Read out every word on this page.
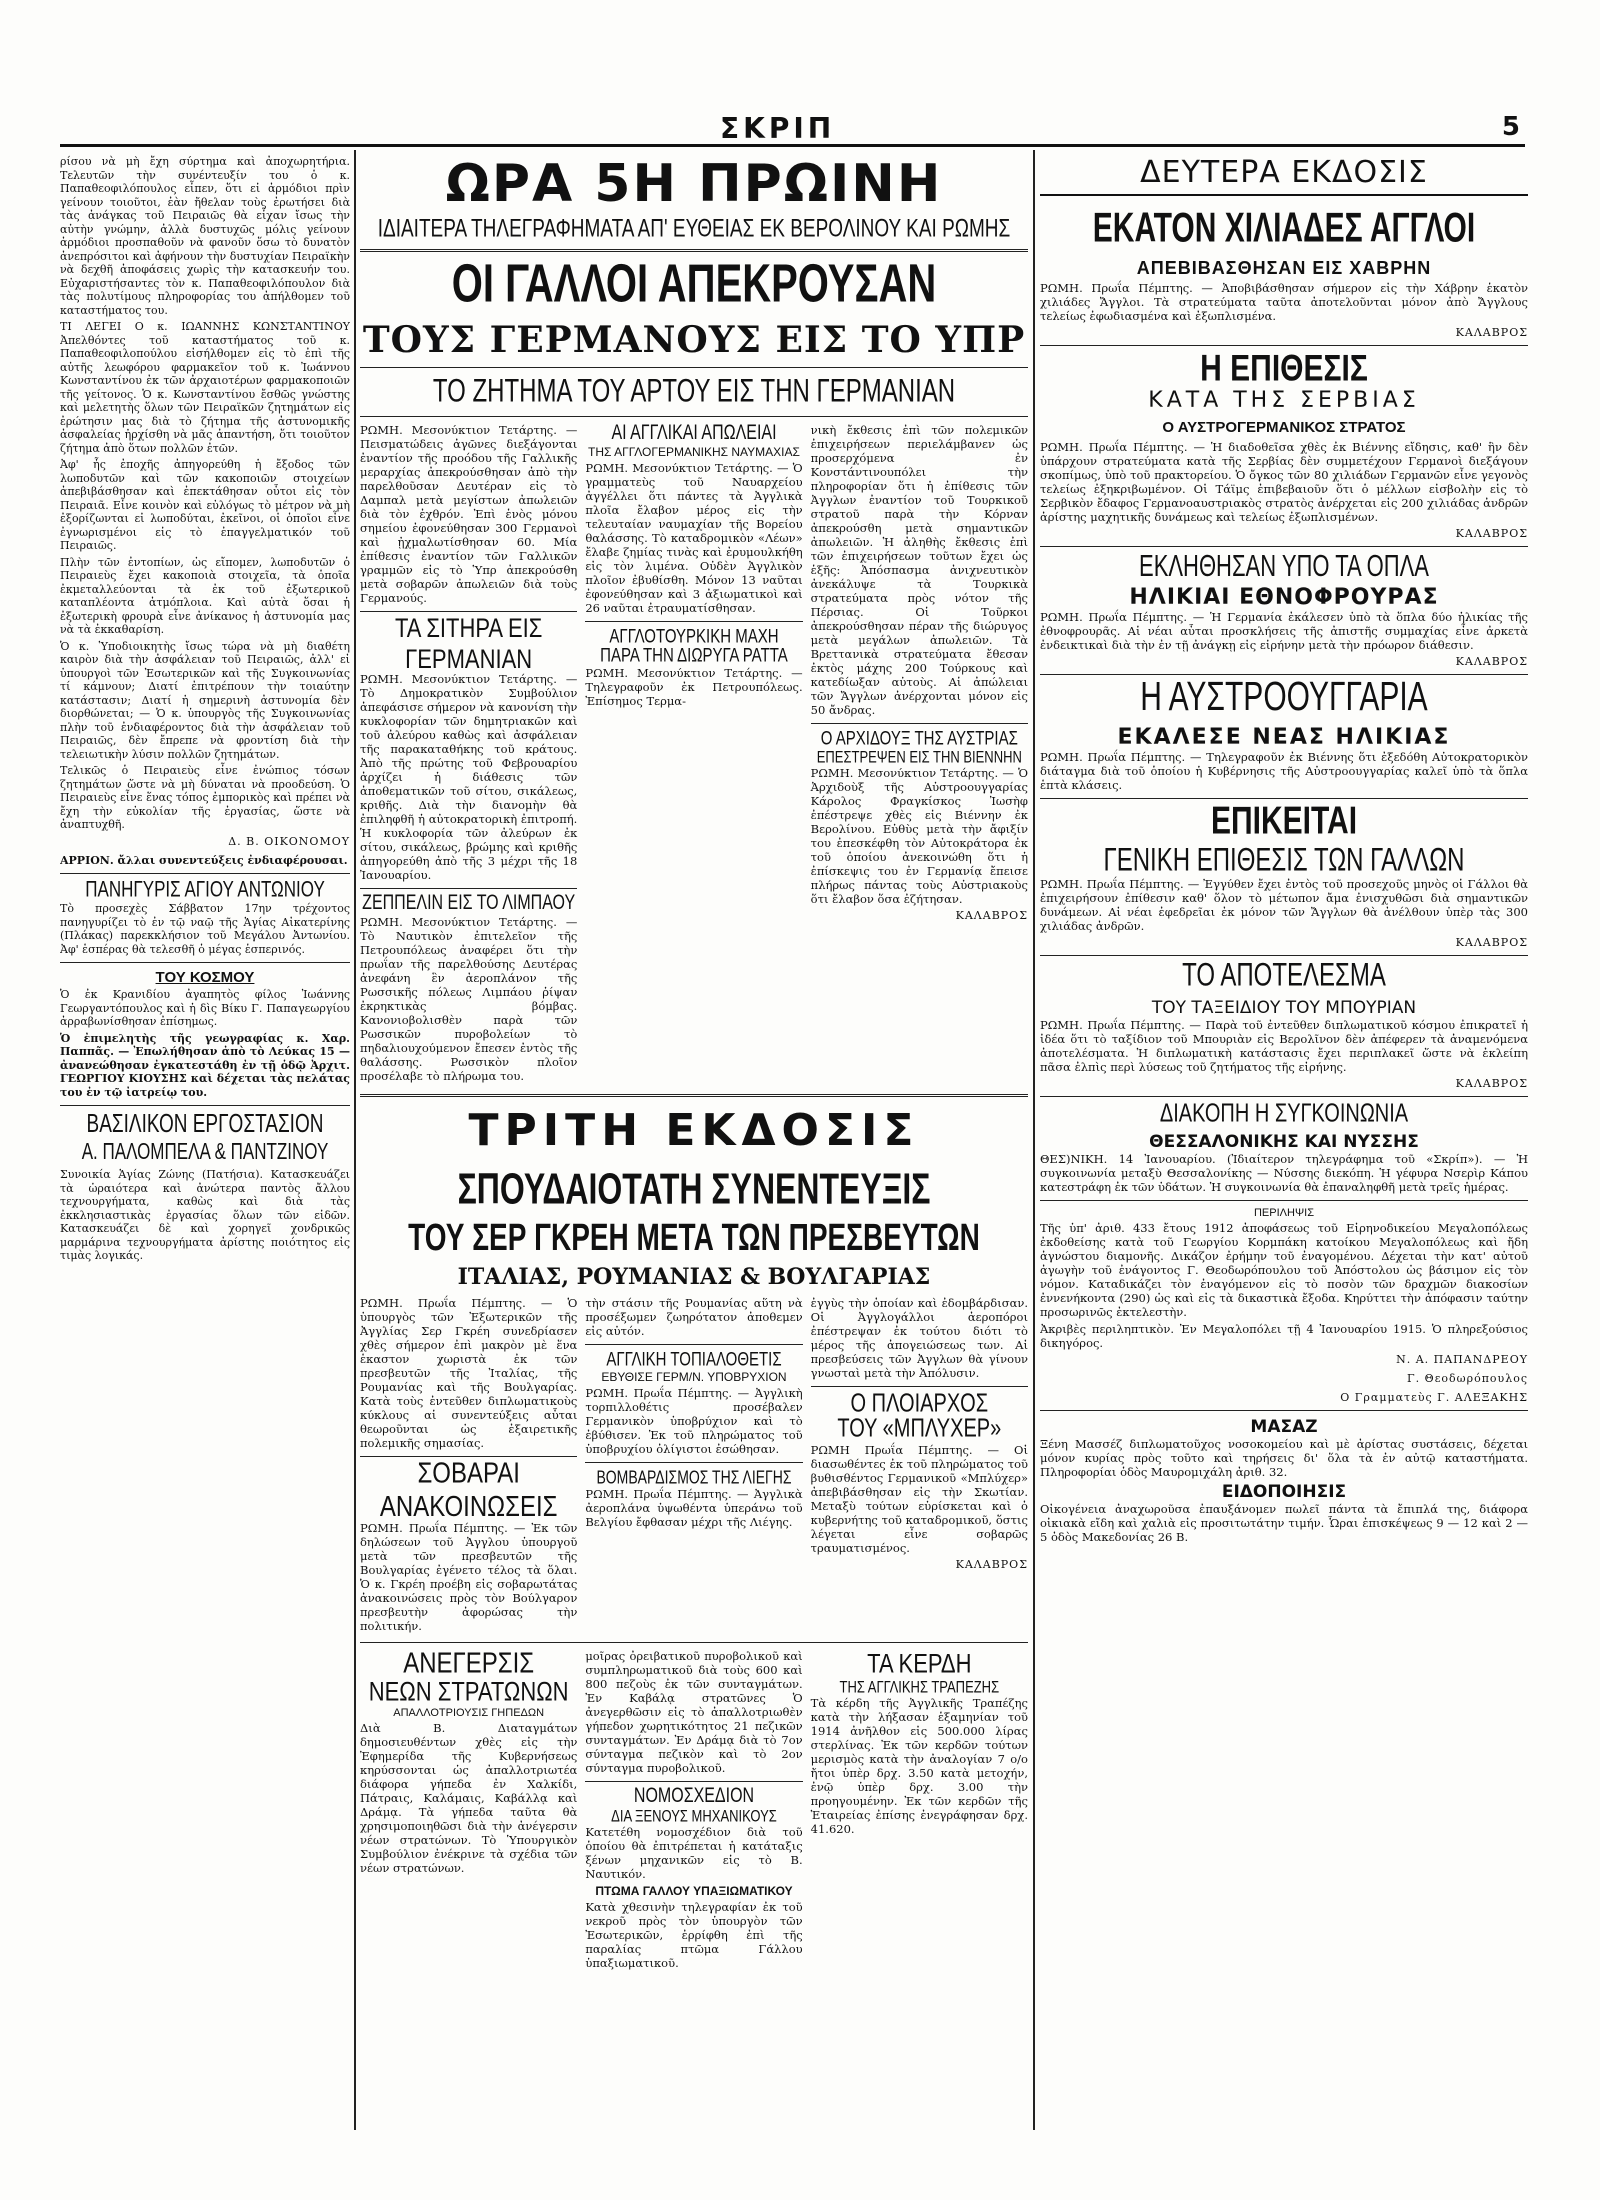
ΣΚΡΙΠ	5

ρίσου νὰ μὴ ἔχη σύρτημα καὶ ἀποχωρητήρια. Τελευτῶν τὴν συνέντευξίν του ὁ κ. Παπαθεοφιλόπουλος εἶπεν, ὅτι εἰ ἀρμόδιοι πρὶν γείνουν τοιοῦτοι, ἐὰν ἤθελαν τοὺς ἐρωτήσει διὰ τὰς ἀνάγκας τοῦ Πειραιῶς θὰ εἶχαν ἴσως τὴν αὐτὴν γνώμην, ἀλλὰ δυστυχῶς μόλις γείνουν ἀρμόδιοι προσπαθοῦν νὰ φανοῦν ὅσω τὸ δυνατὸν ἀνεπρόσιτοι καὶ ἀφήνουν τὴν δυστυχίαν Πειραϊκὴν νὰ δεχθῆ ἀποφάσεις χωρὶς τὴν κατασκευήν του. Εὐχαριστήσαντες τὸν κ. Παπαθεοφιλόπουλον διὰ τὰς πολυτίμους πληροφορίας του ἀπήλθομεν τοῦ καταστήματος του.

ΤΙ ΛΕΓΕΙ Ο κ. ΙΩΑΝΝΗΣ ΚΩΝΣΤΑΝΤΙΝΟΥ Ἀπελθόντες τοῦ καταστήματος τοῦ κ. Παπαθεοφιλοπούλου εἰσήλθομεν εἰς τὸ ἐπὶ τῆς αὐτῆς λεωφόρου φαρμακεῖον τοῦ κ. Ἰωάννου Κωνσταντίνου ἐκ τῶν ἀρχαιοτέρων φαρμακοποιῶν τῆς γείτονος. Ὁ κ. Κωνσταντίνου ἔσθῶς γνώστης καὶ μελετητὴς ὅλων τῶν Πειραϊκῶν ζητημάτων εἰς ἐρώτησιν μας διὰ τὸ ζήτημα τῆς ἀστυνομικῆς ἀσφαλείας ἠρχίσθη νὰ μᾶς ἀπαντήση, ὅτι τοιοῦτον ζήτημα ἀπὸ ὅτων πολλῶν ἐτῶν.

Ἀφ' ἧς ἐποχῆς ἀπηγορεύθη ἡ ἔξοδος τῶν λωποδυτῶν καὶ τῶν κακοποιῶν στοιχείων ἀπεβιβάσθησαν καὶ ἐπεκτάθησαν οὗτοι εἰς τὸν Πειραιᾶ. Εἶνε κοινὸν καὶ εὐλόγως τὸ μέτρον νὰ μὴ ἐξορίζωνται εἰ λωποδύται, ἐκεῖνοι, οἱ ὁποῖοι εἶνε ἐγνωρισμένοι εἰς τὸ ἐπαγγελματικόν τοῦ Πειραιῶς.

Πλὴν τῶν ἐντοπίων, ὡς εἴπομεν, λωποδυτῶν ὁ Πειραιεὺς ἔχει κακοποιὰ στοιχεῖα, τὰ ὁποῖα ἐκμεταλλεύονται τὰ ἐκ τοῦ ἐξωτερικοῦ καταπλέοντα ἀτμόπλοια. Καὶ αὐτὰ ὅσαι ἡ ἐξωτερικὴ φρουρὰ εἶνε ἀνίκανος ἡ ἀστυνομία μας νὰ τὰ ἐκκαθαρίση.

Ὁ κ. Ὑποδιοικητὴς ἴσως τώρα νὰ μὴ διαθέτη καιρὸν διὰ τὴν ἀσφάλειαν τοῦ Πειραιῶς, ἀλλ' εἰ ὑπουργοὶ τῶν Ἐσωτερικῶν καὶ τῆς Συγκοινωνίας τί κάμνουν; Διατί ἐπιτρέπουν τὴν τοιαύτην κατάστασιν; Διατί ἡ σημερινὴ ἀστυνομία δὲν διορθώνεται; — Ὁ κ. ὑπουργὸς τῆς Συγκοινωνίας πλὴν τοῦ ἐνδιαφέροντος διὰ τὴν ἀσφάλειαν τοῦ Πειραιῶς, δὲν ἔπρεπε νὰ φροντίση διὰ τὴν τελειωτικὴν λύσιν πολλῶν ζητημάτων.

Τελικῶς ὁ Πειραιεὺς εἶνε ἐνώπιος τόσων ζητημάτων ὥστε νὰ μὴ δύναται νὰ προοδεύση. Ὁ Πειραιεὺς εἶνε ἕνας τόπος ἐμπορικὸς καὶ πρέπει νὰ ἔχη τὴν εὐκολίαν τῆς ἐργασίας, ὥστε νὰ ἀναπτυχθῆ.

Δ. Β. ΟΙΚΟΝΟΜΟΥ

ΑΡΡΙΟΝ. ἄλλαι συνεντεύξεις ἐνδιαφέρουσαι.

ΠΑΝΗΓΥΡΙΣ ΑΓΙΟΥ ΑΝΤΩΝΙΟΥ

Τὸ προσεχὲς Σάββατον 17ην τρέχοντος πανηγυρίζει τὸ ἐν τῷ ναῷ τῆς Ἁγίας Αἰκατερίνης (Πλάκας) παρεκκλήσιον τοῦ Μεγάλου Ἀντωνίου. Ἀφ' ἑσπέρας θὰ τελεσθῆ ὁ μέγας ἑσπερινός.

ΤΟΥ ΚΟΣΜΟΥ

Ὁ ἐκ Κρανιδίου ἀγαπητὸς φίλος Ἰωάννης Γεωργαντόπουλος καὶ ἡ δὶς Βίκυ Γ. Παπαγεωργίου ἀρραβωνίσθησαν ἐπίσημως.

Ὁ ἐπιμελητὴς τῆς γεωγραφίας κ. Χαρ. Παππᾶς. — Ἐπωλήθησαν ἀπὸ τὸ Λεύκας 15 — ἀνανεώθησαν ἐγκατεστάθη ἐν τῇ ὁδῷ Ἀρχιτ. ΓΕΩΡΓΙΟΥ ΚΙΟΥΣΗΣ καὶ δέχεται τὰς πελάτας του ἐν τῷ ἰατρείῳ του.

ΒΑΣΙΛΙΚΟΝ ΕΡΓΟΣΤΑΣΙΟΝ
Α. ΠΑΛΟΜΠΕΛΑ & ΠΑΝΤΖΙΝΟΥ

Συνοικία Ἁγίας Ζώνης (Πατήσια). Κατασκευάζει τὰ ὡραιότερα καὶ ἀνώτερα παντὸς ἄλλου τεχνουργήματα, καθὼς καὶ διὰ τὰς ἐκκλησιαστικὰς ἐργασίας ὅλων τῶν εἰδῶν. Κατασκευάζει δὲ καὶ χορηγεῖ χονδρικῶς μαρμάρινα τεχνουργήματα ἀρίστης ποιότητος εἰς τιμὰς λογικάς.

ΩΡΑ 5Η ΠΡΩΙΝΗ
ΙΔΙΑΙΤΕΡΑ ΤΗΛΕΓΡΑΦΗΜΑΤΑ ΑΠ' ΕΥΘΕΙΑΣ ΕΚ ΒΕΡΟΛΙΝΟΥ ΚΑΙ ΡΩΜΗΣ
ΟΙ ΓΑΛΛΟΙ ΑΠΕΚΡΟΥΣΑΝ
ΤΟΥΣ ΓΕΡΜΑΝΟΥΣ ΕΙΣ ΤΟ ΥΠΡ
ΤΟ ΖΗΤΗΜΑ ΤΟΥ ΑΡΤΟΥ ΕΙΣ ΤΗΝ ΓΕΡΜΑΝΙΑΝ

ΡΩΜΗ. Μεσονύκτιον Τετάρτης. — Πεισματώδεις ἀγῶνες διεξάγονται ἐναντίον τῆς προόδου τῆς Γαλλικῆς μεραρχίας ἀπεκρούσθησαν ἀπὸ τὴν παρελθοῦσαν Δευτέραν εἰς τὸ Δαμπαλ μετὰ μεγίστων ἀπωλειῶν διὰ τὸν ἐχθρόν. Ἐπὶ ἑνὸς μόνου σημείου ἐφονεύθησαν 300 Γερμανοὶ καὶ ᾐχμαλωτίσθησαν 60. Μία ἐπίθεσις ἐναντίον τῶν Γαλλικῶν γραμμῶν εἰς τὸ Ὑπρ ἀπεκρούσθη μετὰ σοβαρῶν ἀπωλειῶν διὰ τοὺς Γερμανούς.

ΤΑ ΣΙΤΗΡΑ ΕΙΣ ΓΕΡΜΑΝΙΑΝ

ΡΩΜΗ. Μεσονύκτιον Τετάρτης. — Τὸ Δημοκρατικὸν Συμβούλιον ἀπεφάσισε σήμερον νὰ κανονίση τὴν κυκλοφορίαν τῶν δημητριακῶν καὶ τοῦ ἀλεύρου καθὼς καὶ ἀσφάλειαν τῆς παρακαταθήκης τοῦ κράτους. Ἀπὸ τῆς πρώτης τοῦ Φεβρουαρίου ἀρχίζει ἡ διάθεσις τῶν ἀποθεματικῶν τοῦ σίτου, σικάλεως, κριθῆς. Διὰ τὴν διανομὴν θὰ ἐπιληφθῆ ἡ αὐτοκρατορικὴ ἐπιτροπή. Ἡ κυκλοφορία τῶν ἀλεύρων ἐκ σίτου, σικάλεως, βρώμης καὶ κριθῆς ἀπηγορεύθη ἀπὸ τῆς 3 μέχρι τῆς 18 Ἰανουαρίου.

ΖΕΠΠΕΛΙΝ ΕΙΣ ΤΟ ΛΙΜΠΑΟΥ

ΡΩΜΗ. Μεσονύκτιον Τετάρτης. — Τὸ Ναυτικὸν ἐπιτελεῖον τῆς Πετρουπόλεως ἀναφέρει ὅτι τὴν πρωΐαν τῆς παρελθούσης Δευτέρας ἀνεφάνη ἓν ἀεροπλάνον τῆς Ρωσσικῆς πόλεως Λιμπάου ῥίψαν ἐκρηκτικὰς βόμβας. Κανονιοβολισθὲν παρὰ τῶν Ρωσσικῶν πυροβολείων τὸ πηδαλιουχούμενον ἔπεσεν ἐντὸς τῆς θαλάσσης. Ρωσσικὸν πλοῖον προσέλαβε τὸ πλήρωμα του.

ΑΙ ΑΓΓΛΙΚΑΙ ΑΠΩΛΕΙΑΙ
ΤΗΣ ΑΓΓΛΟΓΕΡΜΑΝΙΚΗΣ ΝΑΥΜΑΧΙΑΣ

ΡΩΜΗ. Μεσονύκτιον Τετάρτης. — Ὁ γραμματεὺς τοῦ Ναυαρχείου ἀγγέλλει ὅτι πάντες τὰ Ἀγγλικὰ πλοῖα ἔλαβον μέρος εἰς τὴν τελευταίαν ναυμαχίαν τῆς Βορείου θαλάσσης. Τὸ καταδρομικὸν «Λέων» ἔλαβε ζημίας τινὰς καὶ ἐρυμουλκήθη εἰς τὸν λιμένα. Οὐδὲν Ἀγγλικὸν πλοῖον ἐβυθίσθη. Μόνον 13 ναῦται ἐφονεύθησαν καὶ 3 ἀξιωματικοὶ καὶ 26 ναῦται ἐτραυματίσθησαν.

ΑΓΓΛΟΤΟΥΡΚΙΚΗ ΜΑΧΗ
ΠΑΡΑ ΤΗΝ ΔΙΩΡΥΓΑ ΡΑΤΤΑ

ΡΩΜΗ. Μεσονύκτιον Τετάρτης. — Τηλεγραφοῦν ἐκ Πετρουπόλεως. Ἐπίσημος Τερμα-

νικὴ ἔκθεσις ἐπὶ τῶν πολεμικῶν ἐπιχειρήσεων περιελάμβανεν ὡς προσερχόμενα ἐν Κονστάντινουπόλει τὴν πληροφορίαν ὅτι ἡ ἐπίθεσις τῶν Ἀγγλων ἐναντίον τοῦ Τουρκικοῦ στρατοῦ παρὰ τὴν Κόρναν ἀπεκρούσθη μετὰ σημαντικῶν ἀπωλειῶν. Ἡ ἀληθὴς ἔκθεσις ἐπὶ τῶν ἐπιχειρήσεων τοῦτων ἔχει ὡς ἑξῆς: Ἀπόσπασμα ἀνιχνευτικὸν ἀνεκάλυψε τὰ Τουρκικὰ στρατεύματα πρὸς νότον τῆς Πέρσιας. Οἱ Τοῦρκοι ἀπεκρούσθησαν πέραν τῆς διώρυγος μετὰ μεγάλων ἀπωλειῶν. Τὰ Βρεττανικὰ στρατεύματα ἔθεσαν ἐκτὸς μάχης 200 Τούρκους καὶ κατεδίωξαν αὐτοὺς. Αἱ ἀπώλειαι τῶν Ἄγγλων ἀνέρχονται μόνον εἰς 50 ἄνδρας.

Ο ΑΡΧΙΔΟΥΞ ΤΗΣ ΑΥΣΤΡΙΑΣ
ΕΠΕΣΤΡΕΨΕΝ ΕΙΣ ΤΗΝ ΒΙΕΝΝΗΝ

ΡΩΜΗ. Μεσονύκτιον Τετάρτης. — Ὁ Ἀρχιδοὺξ τῆς Αὐστροουγγαρίας Κάρολος Φραγκίσκος Ἰωσὴφ ἐπέστρεψε χθὲς εἰς Βιέννην ἐκ Βερολίνου. Εὐθὺς μετὰ τὴν ἄφιξίν του ἐπεσκέφθη τὸν Αὐτοκράτορα ἐκ τοῦ ὁποίου ἀνεκοινώθη ὅτι ἡ ἐπίσκεψις του ἐν Γερμανίᾳ ἔπεισε πλήρως πάντας τοὺς Αὐστριακοὺς ὅτι ἔλαβον ὅσα ἐζήτησαν.

ΚΑΛΑΒΡΟΣ
ΤΡΙΤΗ ΕΚΔΟΣΙΣ
ΣΠΟΥΔΑΙΟΤΑΤΗ ΣΥΝΕΝΤΕΥΞΙΣ
ΤΟΥ ΣΕΡ ΓΚΡΕΗ ΜΕΤΑ ΤΩΝ ΠΡΕΣΒΕΥΤΩΝ
ΙΤΑΛΙΑΣ, ΡΟΥΜΑΝΙΑΣ & ΒΟΥΛΓΑΡΙΑΣ

ΡΩΜΗ. Πρωΐα Πέμπτης. — Ὁ ὑπουργὸς τῶν Ἐξωτερικῶν τῆς Ἀγγλίας Σερ Γκρέη συνεδρίασεν χθὲς σήμερον ἐπὶ μακρὸν μὲ ἕνα ἑκαστον χωριστὰ ἐκ τῶν πρεσβευτῶν τῆς Ἰταλίας, τῆς Ρουμανίας καὶ τῆς Βουλγαρίας. Κατὰ τοὺς ἐντεῦθεν διπλωματικοὺς κύκλους αἱ συνεντεύξεις αὗται θεωροῦνται ὡς ἐξαιρετικῆς πολεμικῆς σημασίας.

ΣΟΒΑΡΑΙ ΑΝΑΚΟΙΝΩΣΕΙΣ

ΡΩΜΗ. Πρωΐα Πέμπτης. — Ἐκ τῶν δηλώσεων τοῦ Ἀγγλου ὑπουργοῦ μετὰ τῶν πρεσβευτῶν τῆς Βουλγαρίας ἐγένετο τέλος τὰ ὅλαι. Ὁ κ. Γκρέη προέβη εἰς σοβαρωτάτας ἀνακοινώσεις πρὸς τὸν Βούλγαρον πρεσβευτὴν ἀφορώσας τὴν πολιτικήν.

τὴν στάσιν τῆς Ρουμανίας αὕτη νὰ προσέξωμεν ζωηρότατον ἀποθεμεν εἰς αὐτόν.

ΑΓΓΛΙΚΗ ΤΟΠΙΑΛΟΘΕΤΙΣ
ΕΒΥΘΙΣΕ ΓΕΡΜ/Ν. ΥΠΟΒΡΥΧΙΟΝ

ΡΩΜΗ. Πρωΐα Πέμπτης. — Ἀγγλικὴ τορπιλλοθέτις προσέβαλεν Γερμανικὸν ὑποβρύχιον καὶ τὸ ἐβύθισεν. Ἐκ τοῦ πληρώματος τοῦ ὑποβρυχίου ὀλίγιστοι ἐσώθησαν.

ΒΟΜΒΑΡΔΙΣΜΟΣ ΤΗΣ ΛΙΕΓΗΣ

ΡΩΜΗ. Πρωΐα Πέμπτης. — Ἀγγλικὰ ἀεροπλάνα ὑψωθέντα ὑπεράνω τοῦ Βελγίου ἔφθασαν μέχρι τῆς Λιέγης.

ἐγγὺς τὴν ὁποίαν καὶ ἐδομβάρδισαν. Οἱ Ἀγγλογάλλοι ἀεροπόροι ἐπέστρεψαν ἐκ τούτου διότι τὸ μέρος τῆς ἀπογειώσεως των. Αἱ πρεσβεύσεις τῶν Ἀγγλων θὰ γίνουν γνωσταὶ μετὰ τὴν Ἀπόλυσιν.

Ο ΠΛΟΙΑΡΧΟΣ
ΤΟΥ «ΜΠΛΥΧΕΡ»

ΡΩΜΗ Πρωΐα Πέμπτης. — Οἱ διασωθέντες ἐκ τοῦ πληρώματος τοῦ βυθισθέντος Γερμανικοῦ «Μπλύχερ» ἀπεβιβάσθησαν εἰς τὴν Σκωτίαν. Μεταξὺ τούτων εὑρίσκεται καὶ ὁ κυβερνήτης τοῦ καταδρομικοῦ, ὅστις λέγεται εἶνε σοβαρῶς τραυματισμένος.

ΚΑΛΑΒΡΟΣ
ΑΝΕΓΕΡΣΙΣ
ΝΕΩΝ ΣΤΡΑΤΩΝΩΝ
ΑΠΑΛΛΟΤΡΙΟΥΣΙΣ ΓΗΠΕΔΩΝ

Διὰ Β. Διαταγμάτων δημοσιευθέντων χθὲς εἰς τὴν Ἐφημερίδα τῆς Κυβερνήσεως κηρύσσονται ὡς ἀπαλλοτριωτέα διάφορα γήπεδα ἐν Χαλκίδι, Πάτραις, Καλάμαις, Καβάλλᾳ καὶ Δράμᾳ. Τὰ γήπεδα ταῦτα θὰ χρησιμοποιηθῶσι διὰ τὴν ἀνέγερσιν νέων στρατώνων. Τὸ Ὑπουργικὸν Συμβούλιον ἐνέκρινε τὰ σχέδια τῶν νέων στρατώνων.

μοῖρας ὀρειβατικοῦ πυροβολικοῦ καὶ συμπληρωματικοῦ διὰ τοὺς 600 καὶ 800 πεζοὺς ἐκ τῶν συνταγμάτων. Ἐν Καβάλᾳ στρατῶνες Ὁ ἀνεγερθῶσιν εἰς τὸ ἀπαλλοτριωθὲν γήπεδον χωρητικότητος 21 πεζικῶν συνταγμάτων. Ἐν Δράμᾳ διὰ τὸ 7ον σύνταγμα πεζικὸν καὶ τὸ 2ον σύνταγμα πυροβολικοῦ.

ΝΟΜΟΣΧΕΔΙΟΝ
ΔΙΑ ΞΕΝΟΥΣ ΜΗΧΑΝΙΚΟΥΣ

Κατετέθη νομοσχέδιον διὰ τοῦ ὁποίου θὰ ἐπιτρέπεται ἡ κατάταξις ξένων μηχανικῶν εἰς τὸ Β. Ναυτικόν.

ΠΤΩΜΑ ΓΑΛΛΟΥ ΥΠΑΞΙΩΜΑΤΙΚΟΥ

Κατὰ χθεσινὴν τηλεγραφίαν ἐκ τοῦ νεκροῦ πρὸς τὸν ὑπουργὸν τῶν Ἐσωτερικῶν, ἐρρίφθη ἐπὶ τῆς παραλίας πτῶμα Γάλλου ὑπαξιωματικοῦ.

ΤΑ ΚΕΡΔΗ
ΤΗΣ ΑΓΓΛΙΚΗΣ ΤΡΑΠΕΖΗΣ

Τὰ κέρδη τῆς Ἀγγλικῆς Τραπέζης κατὰ τὴν λήξασαν ἑξαμηνίαν τοῦ 1914 ἀνῆλθον εἰς 500.000 λίρας στερλίνας. Ἐκ τῶν κερδῶν τούτων μερισμὸς κατὰ τὴν ἀναλογίαν 7 ο/ο ἤτοι ὑπὲρ δρχ. 3.50 κατὰ μετοχήν, ἐνῷ ὑπὲρ δρχ. 3.00 τὴν προηγουμένην. Ἐκ τῶν κερδῶν τῆς Ἑταιρείας ἐπίσης ἐνεγράφησαν δρχ. 41.620.

ΔΕΥΤΕΡΑ ΕΚΔΟΣΙΣ
ΕΚΑΤΟΝ ΧΙΛΙΑΔΕΣ ΑΓΓΛΟΙ
ΑΠΕΒΙΒΑΣΘΗΣΑΝ ΕΙΣ ΧΑΒΡΗΝ

ΡΩΜΗ. Πρωΐα Πέμπτης. — Ἀποβιβάσθησαν σήμερον εἰς τὴν Χάβρην ἑκατὸν χιλιάδες Ἄγγλοι. Τὰ στρατεύματα ταῦτα ἀποτελοῦνται μόνον ἀπὸ Ἄγγλους τελείως ἐφωδιασμένα καὶ ἐξωπλισμένα.

ΚΑΛΑΒΡΟΣ
Η ΕΠΙΘΕΣΙΣ
ΚΑΤΑ ΤΗΣ ΣΕΡΒΙΑΣ
Ο ΑΥΣΤΡΟΓΕΡΜΑΝΙΚΟΣ ΣΤΡΑΤΟΣ

ΡΩΜΗ. Πρωΐα Πέμπτης. — Ἡ διαδοθεῖσα χθὲς ἐκ Βιέννης εἴδησις, καθ' ἣν δὲν ὑπάρχουν στρατεύματα κατὰ τῆς Σερβίας δὲν συμμετέχουν Γερμανοὶ διεξάγουν σκοπίμως, ὑπὸ τοῦ πρακτορείου. Ὁ ὄγκος τῶν 80 χιλιάδων Γερμανῶν εἶνε γεγονὸς τελείως ἐξηκριβωμένον. Οἱ Τάϊμς ἐπιβεβαιοῦν ὅτι ὁ μέλλων εἰσβολὴν εἰς τὸ Σερβικὸν ἔδαφος Γερμανοαυστριακὸς στρατὸς ἀνέρχεται εἰς 200 χιλιάδας ἀνδρῶν ἀρίστης μαχητικῆς δυνάμεως καὶ τελείως ἐξωπλισμένων.

ΚΑΛΑΒΡΟΣ
ΕΚΛΗΘΗΣΑΝ ΥΠΟ ΤΑ ΟΠΛΑ
ΗΛΙΚΙΑΙ ΕΘΝΟΦΡΟΥΡΑΣ

ΡΩΜΗ. Πρωΐα Πέμπτης. — Ἡ Γερμανία ἐκάλεσεν ὑπὸ τὰ ὅπλα δύο ἡλικίας τῆς ἐθνοφρουρᾶς. Αἱ νέαι αὗται προσκλήσεις τῆς ἀπιστῆς συμμαχίας εἶνε ἀρκετὰ ἐνδεικτικαὶ διὰ τὴν ἐν τῇ ἀνάγκῃ εἰς εἰρήνην μετὰ τὴν πρόωρον διάθεσιν.

ΚΑΛΑΒΡΟΣ
Η ΑΥΣΤΡΟΟΥΓΓΑΡΙΑ
ΕΚΑΛΕΣΕ ΝΕΑΣ ΗΛΙΚΙΑΣ

ΡΩΜΗ. Πρωΐα Πέμπτης. — Τηλεγραφοῦν ἐκ Βιέννης ὅτι ἐξεδόθη Αὐτοκρατορικὸν διάταγμα διὰ τοῦ ὁποίου ἡ Κυβέρνησις τῆς Αὐστροουγγαρίας καλεῖ ὑπὸ τὰ ὅπλα ἑπτὰ κλάσεις.

ΕΠΙΚΕΙΤΑΙ
ΓΕΝΙΚΗ ΕΠΙΘΕΣΙΣ ΤΩΝ ΓΑΛΛΩΝ

ΡΩΜΗ. Πρωΐα Πέμπτης. — Ἐγγύθεν ἔχει ἐντὸς τοῦ προσεχοῦς μηνὸς οἱ Γάλλοι θὰ ἐπιχειρήσουν ἐπίθεσιν καθ' ὅλον τὸ μέτωπον ἄμα ἐνισχυθῶσι διὰ σημαντικῶν δυνάμεων. Αἱ νέαι ἐφεδρεῖαι ἐκ μόνον τῶν Ἄγγλων θὰ ἀνέλθουν ὑπὲρ τὰς 300 χιλιάδας ἀνδρῶν.

ΚΑΛΑΒΡΟΣ
ΤΟ ΑΠΟΤΕΛΕΣΜΑ
ΤΟΥ ΤΑΞΕΙΔΙΟΥ ΤΟΥ ΜΠΟΥΡΙΑΝ

ΡΩΜΗ. Πρωΐα Πέμπτης. — Παρὰ τοῦ ἐντεῦθεν διπλωματικοῦ κόσμου ἐπικρατεῖ ἡ ἰδέα ὅτι τὸ ταξίδιον τοῦ Μπουριὰν εἰς Βερολῖνον δὲν ἀπέφερεν τὰ ἀναμενόμενα ἀποτελέσματα. Ἡ διπλωματικὴ κατάστασις ἔχει περιπλακεῖ ὥστε νὰ ἐκλείπη πᾶσα ἐλπὶς περὶ λύσεως τοῦ ζητήματος τῆς εἰρήνης.

ΚΑΛΑΒΡΟΣ
ΔΙΑΚΟΠΗ Η ΣΥΓΚΟΙΝΩΝΙΑ
ΘΕΣΣΑΛΟΝΙΚΗΣ ΚΑΙ ΝΥΣΣΗΣ

ΘΕΣ)ΝΙΚΗ. 14 Ἰανουαρίου. (Ἰδιαίτερον τηλεγράφημα τοῦ «Σκρίπ»). — Ἡ συγκοινωνία μεταξὺ Θεσσαλονίκης — Νύσσης διεκόπη. Ἡ γέφυρα Νσερὶρ Κάπου κατεστράφη ἐκ τῶν ὑδάτων. Ἡ συγκοινωνία θὰ ἐπαναληφθῆ μετὰ τρεῖς ἡμέρας.

ΠΕΡΙΛΗΨΙΣ

Τῆς ὑπ' ἀριθ. 433 ἔτους 1912 ἀποφάσεως τοῦ Εἰρηνοδικείου Μεγαλοπόλεως ἐκδοθείσης κατὰ τοῦ Γεωργίου Κορμπάκη κατοίκου Μεγαλοπόλεως καὶ ἤδη ἀγνώστου διαμονῆς. Δικάζον ἐρήμην τοῦ ἐναγομένου. Δέχεται τὴν κατ' αὐτοῦ ἀγωγὴν τοῦ ἐνάγοντος Γ. Θεοδωρόπουλου τοῦ Ἀπόστολου ὡς βάσιμον εἰς τὸν νόμον. Καταδικάζει τὸν ἐναγόμενον εἰς τὸ ποσὸν τῶν δραχμῶν διακοσίων ἐννενήκοντα (290) ὡς καὶ εἰς τὰ δικαστικὰ ἔξοδα. Κηρύττει τὴν ἀπόφασιν ταύτην προσωρινῶς ἐκτελεστὴν.

Ἀκριβὲς περιληπτικὸν. Ἐν Μεγαλοπόλει τῇ 4 Ἰανουαρίου 1915. Ὁ πληρεξούσιος δικηγόρος.

Ν. Α. ΠΑΠΑΝΔΡΕΟΥ
Γ. Θεοδωρόπουλος
Ο Γραμματεὺς Γ. ΑΛΕΞΑΚΗΣ
ΜΑΣΑΖ

Ξένη Μασσέζ διπλωματοῦχος νοσοκομείου καὶ μὲ ἀρίστας συστάσεις, δέχεται μόνον κυρίας πρὸς τοῦτο καὶ τηρήσεις δι' ὅλα τὰ ἐν αὐτῷ καταστήματα. Πληροφορίαι ὁδὸς Μαυρομιχάλη ἀριθ. 32.

ΕΙΔΟΠΟΙΗΣΙΣ

Οἰκογένεια ἀναχωροῦσα ἐπαυξάνομεν πωλεῖ πάντα τὰ ἔπιπλά της, διάφορα οἰκιακὰ εἴδη καὶ χαλιὰ εἰς προσιτωτάτην τιμήν. Ὧραι ἐπισκέψεως 9 — 12 καὶ 2 — 5 ὁδὸς Μακεδονίας 26 Β.
